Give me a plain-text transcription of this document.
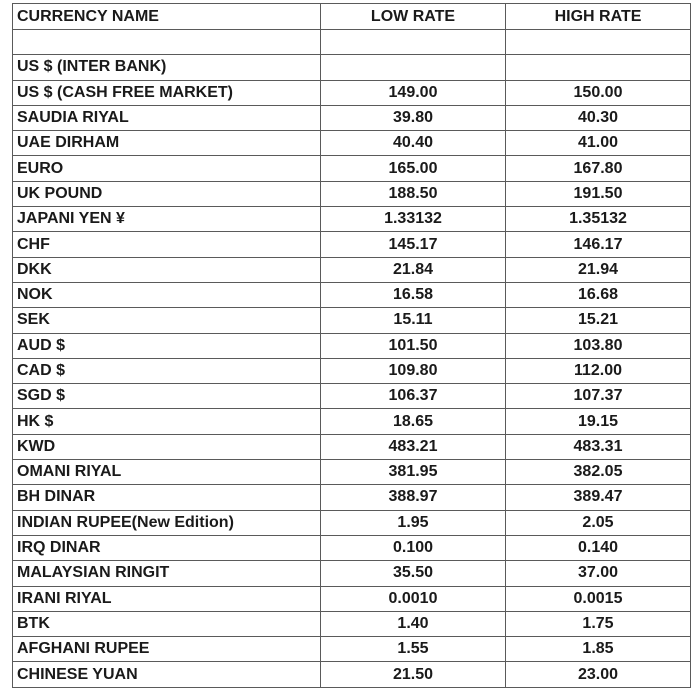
CURRENCY NAME	LOW RATE	HIGH RATE

US $ (INTER BANK)		
US $ (CASH FREE MARKET)	149.00	150.00
SAUDIA RIYAL	39.80	40.30
UAE DIRHAM	40.40	41.00
EURO	165.00	167.80
UK POUND	188.50	191.50
JAPANI YEN ¥	1.33132	1.35132
CHF	145.17	146.17
DKK	21.84	21.94
NOK	16.58	16.68
SEK	15.11	15.21
AUD $	101.50	103.80
CAD $	109.80	112.00
SGD $	106.37	107.37
HK $	18.65	19.15
KWD	483.21	483.31
OMANI RIYAL	381.95	382.05
BH DINAR	388.97	389.47
INDIAN RUPEE(New Edition)	1.95	2.05
IRQ DINAR	0.100	0.140
MALAYSIAN RINGIT	35.50	37.00
IRANI RIYAL	0.0010	0.0015
BTK	1.40	1.75
AFGHANI RUPEE	1.55	1.85
CHINESE YUAN	21.50	23.00
